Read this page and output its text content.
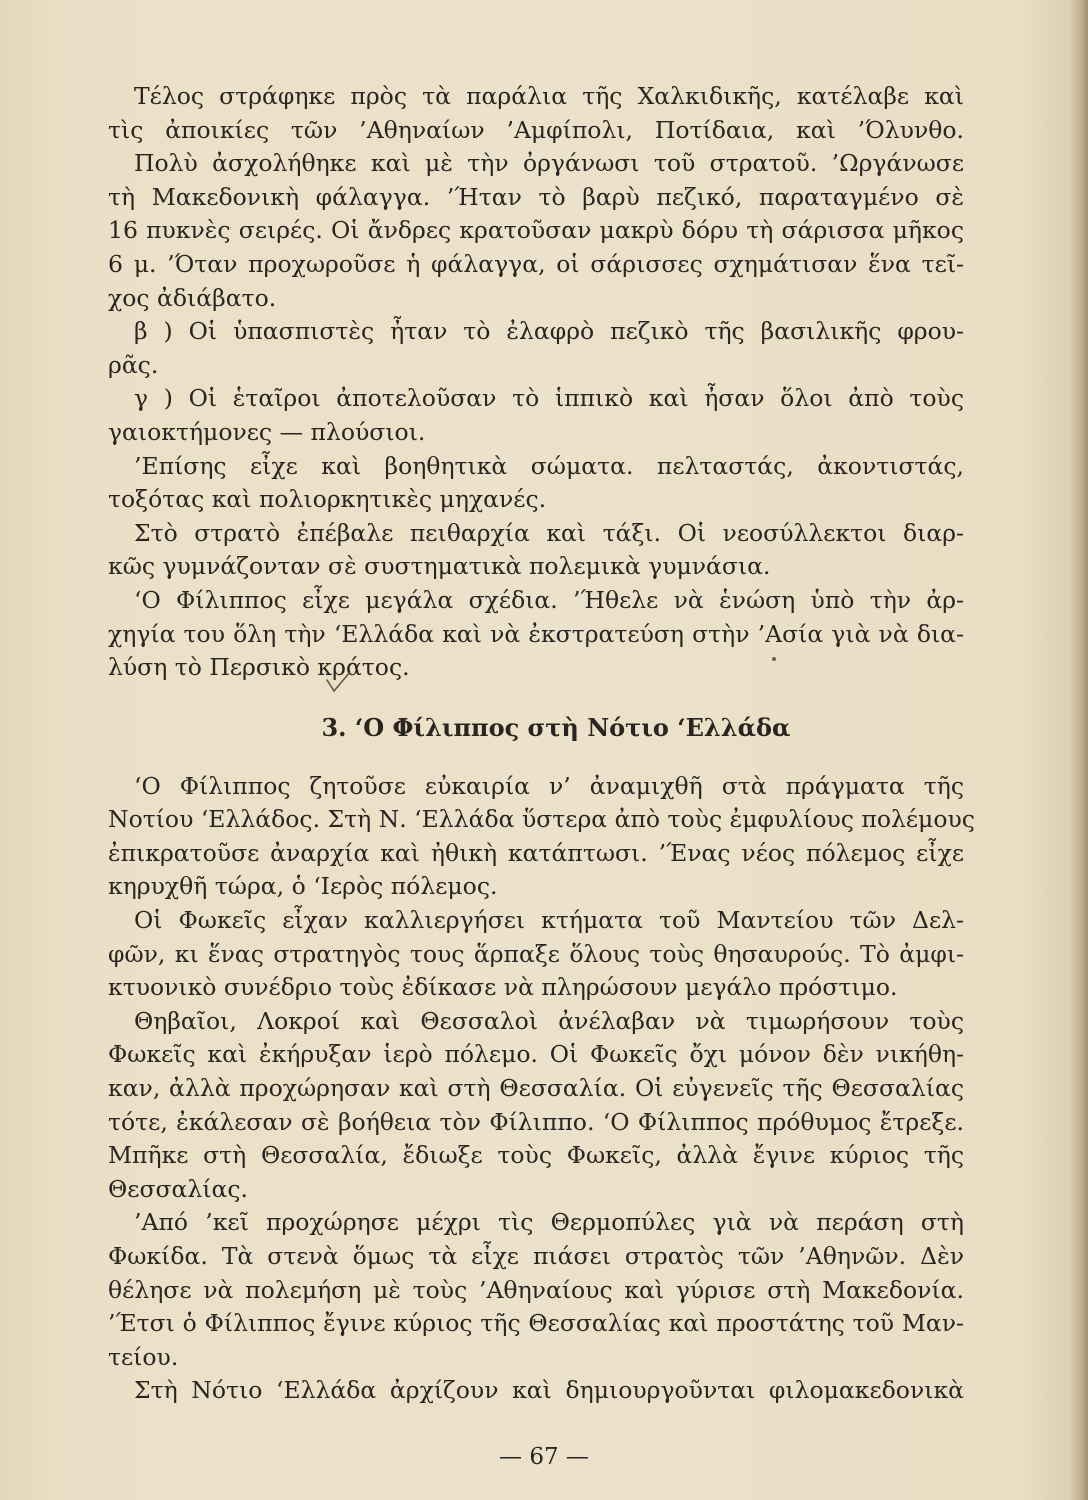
Τέλος στράφηκε πρὸς τὰ παράλια τῆς Χαλκιδικῆς, κατέλαβε καὶ
τὶς ἀποικίες τῶν ’Αθηναίων ’Αμφίπολι, Ποτίδαια, καὶ ’Όλυνθο.
Πολὺ ἀσχολήθηκε καὶ μὲ τὴν ὀργάνωσι τοῦ στρατοῦ. ’Ωργάνωσε
τὴ Μακεδονικὴ φάλαγγα. ’Ήταν τὸ βαρὺ πεζικό, παραταγμένο σὲ
16 πυκνὲς σειρές. Οἱ ἄνδρες κρατοῦσαν μακρὺ δόρυ τὴ σάρισσα μῆκος
6 μ. ’Όταν προχωροῦσε ἡ φάλαγγα, οἱ σάρισσες σχημάτισαν ἕνα τεῖ-
χος ἀδιάβατο.
β ) Οἱ ὑπασπιστὲς ἦταν τὸ ἐλαφρὸ πεζικὸ τῆς βασιλικῆς φρου-
ρᾶς.
γ ) Οἱ ἑταῖροι ἀποτελοῦσαν τὸ ἱππικὸ καὶ ἦσαν ὅλοι ἀπὸ τοὺς
γαιοκτήμονες — πλούσιοι.
’Επίσης εἶχε καὶ βοηθητικὰ σώματα. πελταστάς, ἀκοντιστάς,
τοξότας καὶ πολιορκητικὲς μηχανές.
Στὸ στρατὸ ἐπέβαλε πειθαρχία καὶ τάξι. Οἱ νεοσύλλεκτοι διαρ-
κῶς γυμνάζονταν σὲ συστηματικὰ πολεμικὰ γυμνάσια.
‘Ο Φίλιππος εἶχε μεγάλα σχέδια. ’Ήθελε νὰ ἑνώση ὑπὸ τὴν ἀρ-
χηγία του ὅλη τὴν ‘Ελλάδα καὶ νὰ ἐκστρατεύση στὴν ’Ασία γιὰ νὰ δια-
λύση τὸ Περσικὸ κράτος.
3. ‘Ο Φίλιππος στὴ Νότιο ‘Ελλάδα
‘Ο Φίλιππος ζητοῦσε εὐκαιρία ν’ ἀναμιχθῆ στὰ πράγματα τῆς
Νοτίου ‘Ελλάδος. Στὴ Ν. ‘Ελλάδα ὕστερα ἀπὸ τοὺς ἐμφυλίους πολέμους
ἐπικρατοῦσε ἀναρχία καὶ ἠθικὴ κατάπτωσι. ’Ένας νέος πόλεμος εἶχε
κηρυχθῆ τώρα, ὁ ‘Ιερὸς πόλεμος.
Οἱ Φωκεῖς εἶχαν καλλιεργήσει κτήματα τοῦ Μαντείου τῶν Δελ-
φῶν, κι ἕνας στρατηγὸς τους ἅρπαξε ὅλους τοὺς θησαυρούς. Τὸ ἀμφι-
κτυονικὸ συνέδριο τοὺς ἐδίκασε νὰ πληρώσουν μεγάλο πρόστιμο.
Θηβαῖοι, Λοκροί καὶ Θεσσαλοὶ ἀνέλαβαν νὰ τιμωρήσουν τοὺς
Φωκεῖς καὶ ἐκήρυξαν ἱερὸ πόλεμο. Οἱ Φωκεῖς ὄχι μόνον δὲν νικήθη-
καν, ἀλλὰ προχώρησαν καὶ στὴ Θεσσαλία. Οἱ εὐγενεῖς τῆς Θεσσαλίας
τότε, ἐκάλεσαν σὲ βοήθεια τὸν Φίλιππο. ‘Ο Φίλιππος πρόθυμος ἔτρεξε.
Μπῆκε στὴ Θεσσαλία, ἔδιωξε τοὺς Φωκεῖς, ἀλλὰ ἔγινε κύριος τῆς
Θεσσαλίας.
’Από ’κεῖ προχώρησε μέχρι τὶς Θερμοπύλες γιὰ νὰ περάση στὴ
Φωκίδα. Τὰ στενὰ ὅμως τὰ εἶχε πιάσει στρατὸς τῶν ’Αθηνῶν. Δὲν
θέλησε νὰ πολεμήση μὲ τοὺς ’Αθηναίους καὶ γύρισε στὴ Μακεδονία.
’Έτσι ὁ Φίλιππος ἔγινε κύριος τῆς Θεσσαλίας καὶ προστάτης τοῦ Μαν-
τείου.
Στὴ Νότιο ‘Ελλάδα ἀρχίζουν καὶ δημιουργοῦνται φιλομακεδονικὰ
— 67 —
